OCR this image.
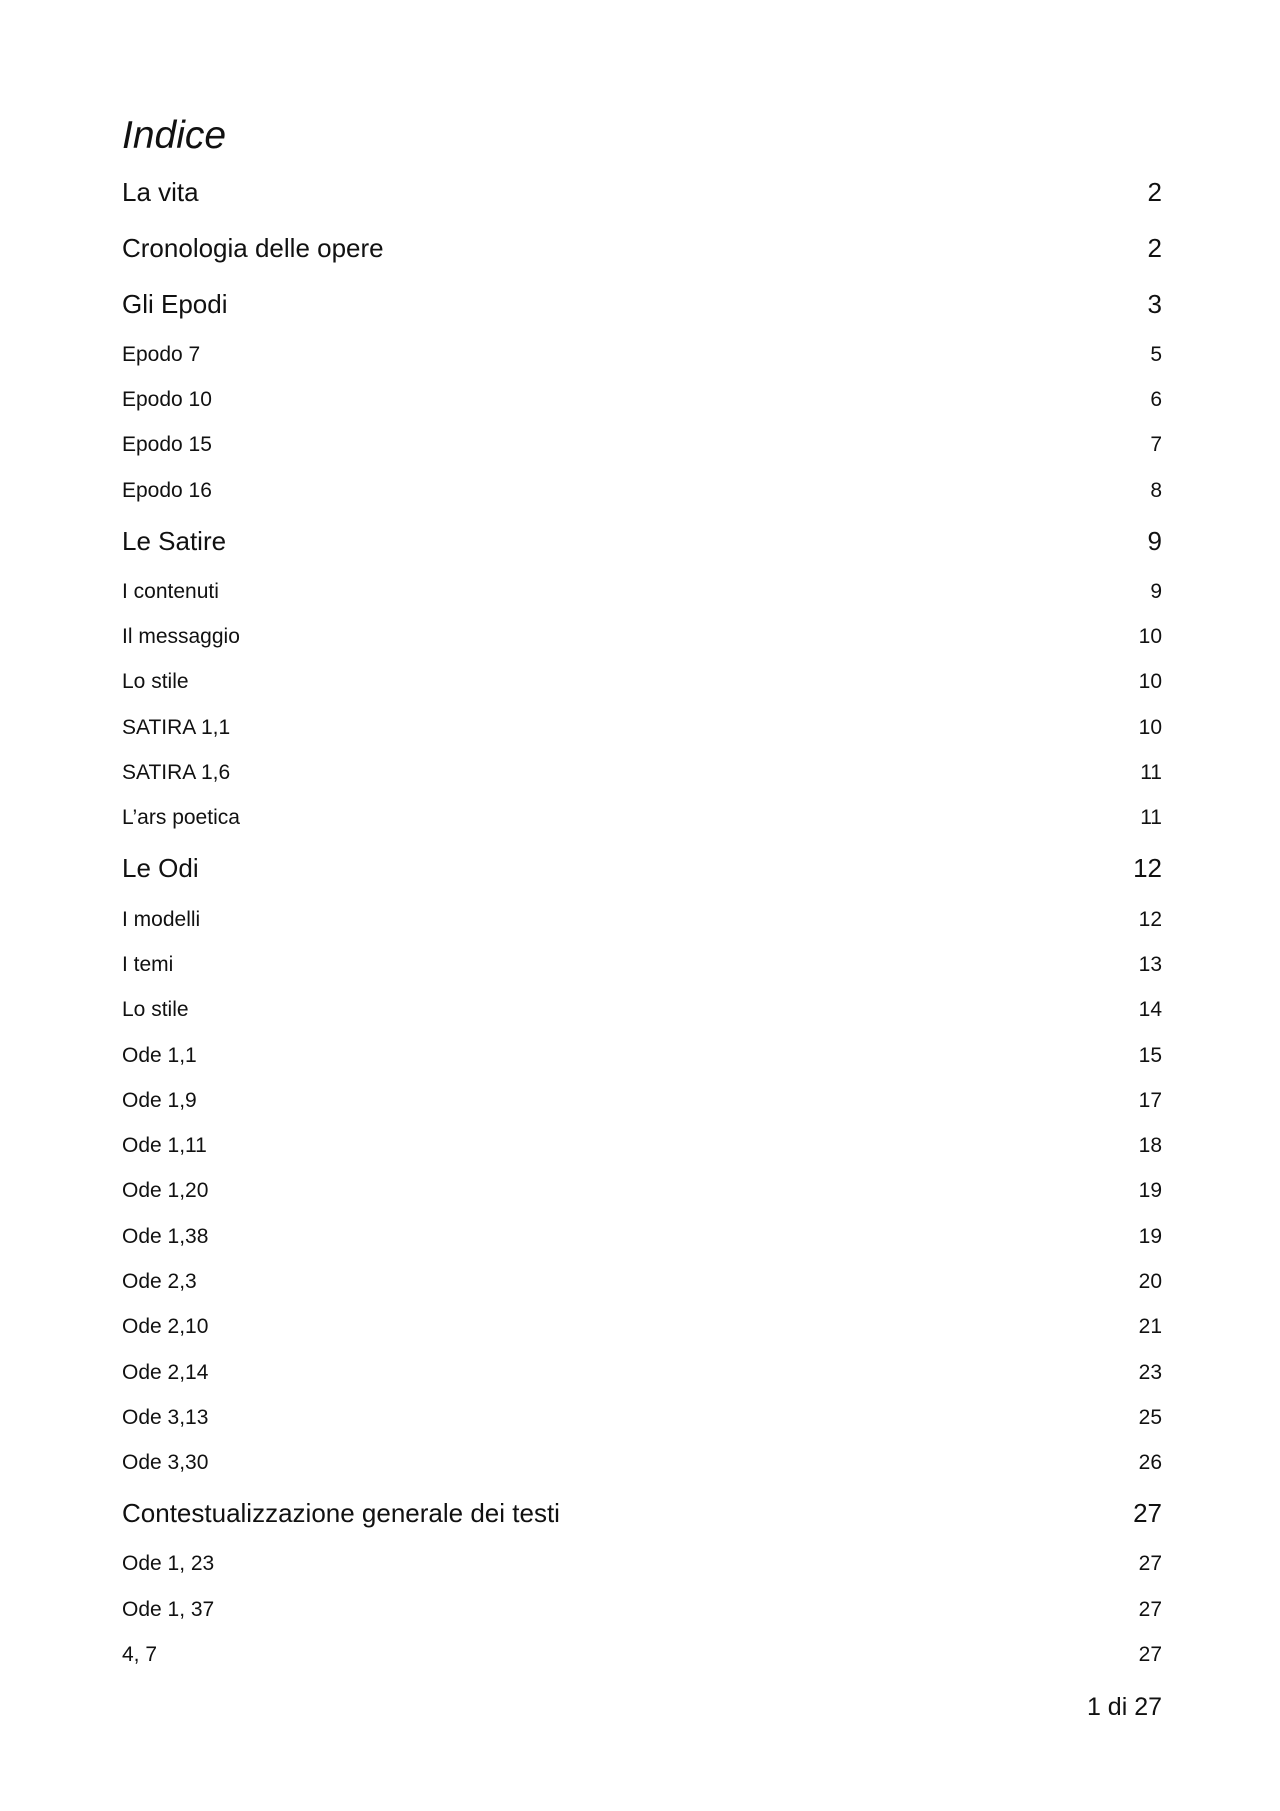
Indice
La vita	2
Cronologia delle opere	2
Gli Epodi	3
Epodo 7	5
Epodo 10	6
Epodo 15	7
Epodo 16	8
Le Satire	9
I contenuti	9
Il messaggio	10
Lo stile	10
SATIRA 1,1	10
SATIRA 1,6	11
L’ars poetica	11
Le Odi	12
I modelli	12
I temi	13
Lo stile	14
Ode 1,1	15
Ode 1,9	17
Ode 1,11	18
Ode 1,20	19
Ode 1,38	19
Ode 2,3	20
Ode 2,10	21
Ode 2,14	23
Ode 3,13	25
Ode 3,30	26
Contestualizzazione generale dei testi	27
Ode 1, 23	27
Ode 1, 37	27
4, 7	27
1 di 27
